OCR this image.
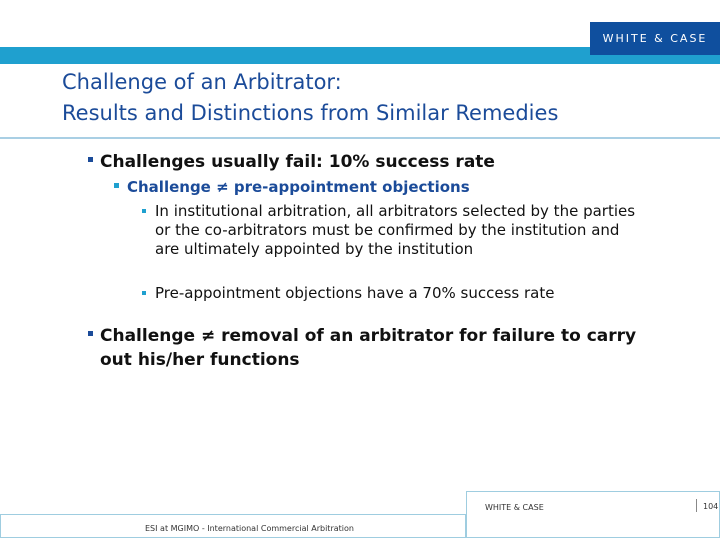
WHITE & CASE
Challenge of an Arbitrator:
Results and Distinctions from Similar Remedies
Challenges usually fail: 10% success rate
Challenge ≠ pre-appointment objections
In institutional arbitration, all arbitrators selected by the parties or the co-arbitrators must be confirmed by the institution and are ultimately appointed by the institution
Pre-appointment objections have a 70% success rate
Challenge ≠ removal of an arbitrator for failure to carry out his/her functions
ESI at MGIMO - International Commercial Arbitration
WHITE & CASE	104
